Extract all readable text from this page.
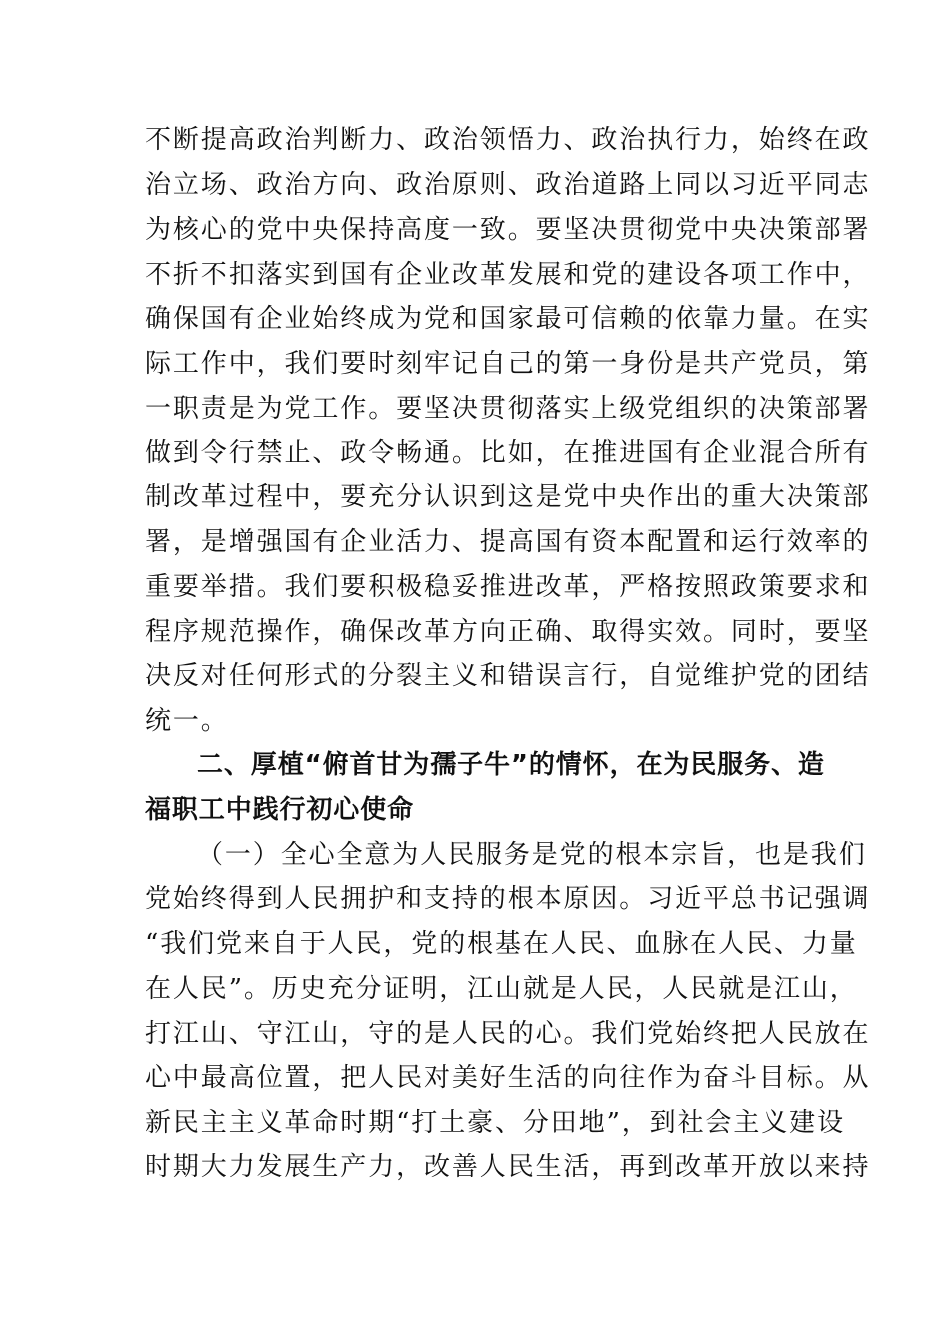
不断提高政治判断力、政治领悟力、政治执行力，始终在政
治立场、政治方向、政治原则、政治道路上同以习近平同志
为核心的党中央保持高度一致。要坚决贯彻党中央决策部署
不折不扣落实到国有企业改革发展和党的建设各项工作中，
确保国有企业始终成为党和国家最可信赖的依靠力量。在实
际工作中，我们要时刻牢记自己的第一身份是共产党员，第
一职责是为党工作。要坚决贯彻落实上级党组织的决策部署
做到令行禁止、政令畅通。比如，在推进国有企业混合所有
制改革过程中，要充分认识到这是党中央作出的重大决策部
署，是增强国有企业活力、提高国有资本配置和运行效率的
重要举措。我们要积极稳妥推进改革，严格按照政策要求和
程序规范操作，确保改革方向正确、取得实效。同时，要坚
决反对任何形式的分裂主义和错误言行，自觉维护党的团结
统一。
二、厚植“俯首甘为孺子牛”的情怀，在为民服务、造
福职工中践行初心使命
（一）全心全意为人民服务是党的根本宗旨，也是我们
党始终得到人民拥护和支持的根本原因。习近平总书记强调
“我们党来自于人民，党的根基在人民、血脉在人民、力量
在人民”。历史充分证明，江山就是人民，人民就是江山，
打江山、守江山，守的是人民的心。我们党始终把人民放在
心中最高位置，把人民对美好生活的向往作为奋斗目标。从
新民主主义革命时期“打土豪、分田地”，到社会主义建设
时期大力发展生产力，改善人民生活，再到改革开放以来持
